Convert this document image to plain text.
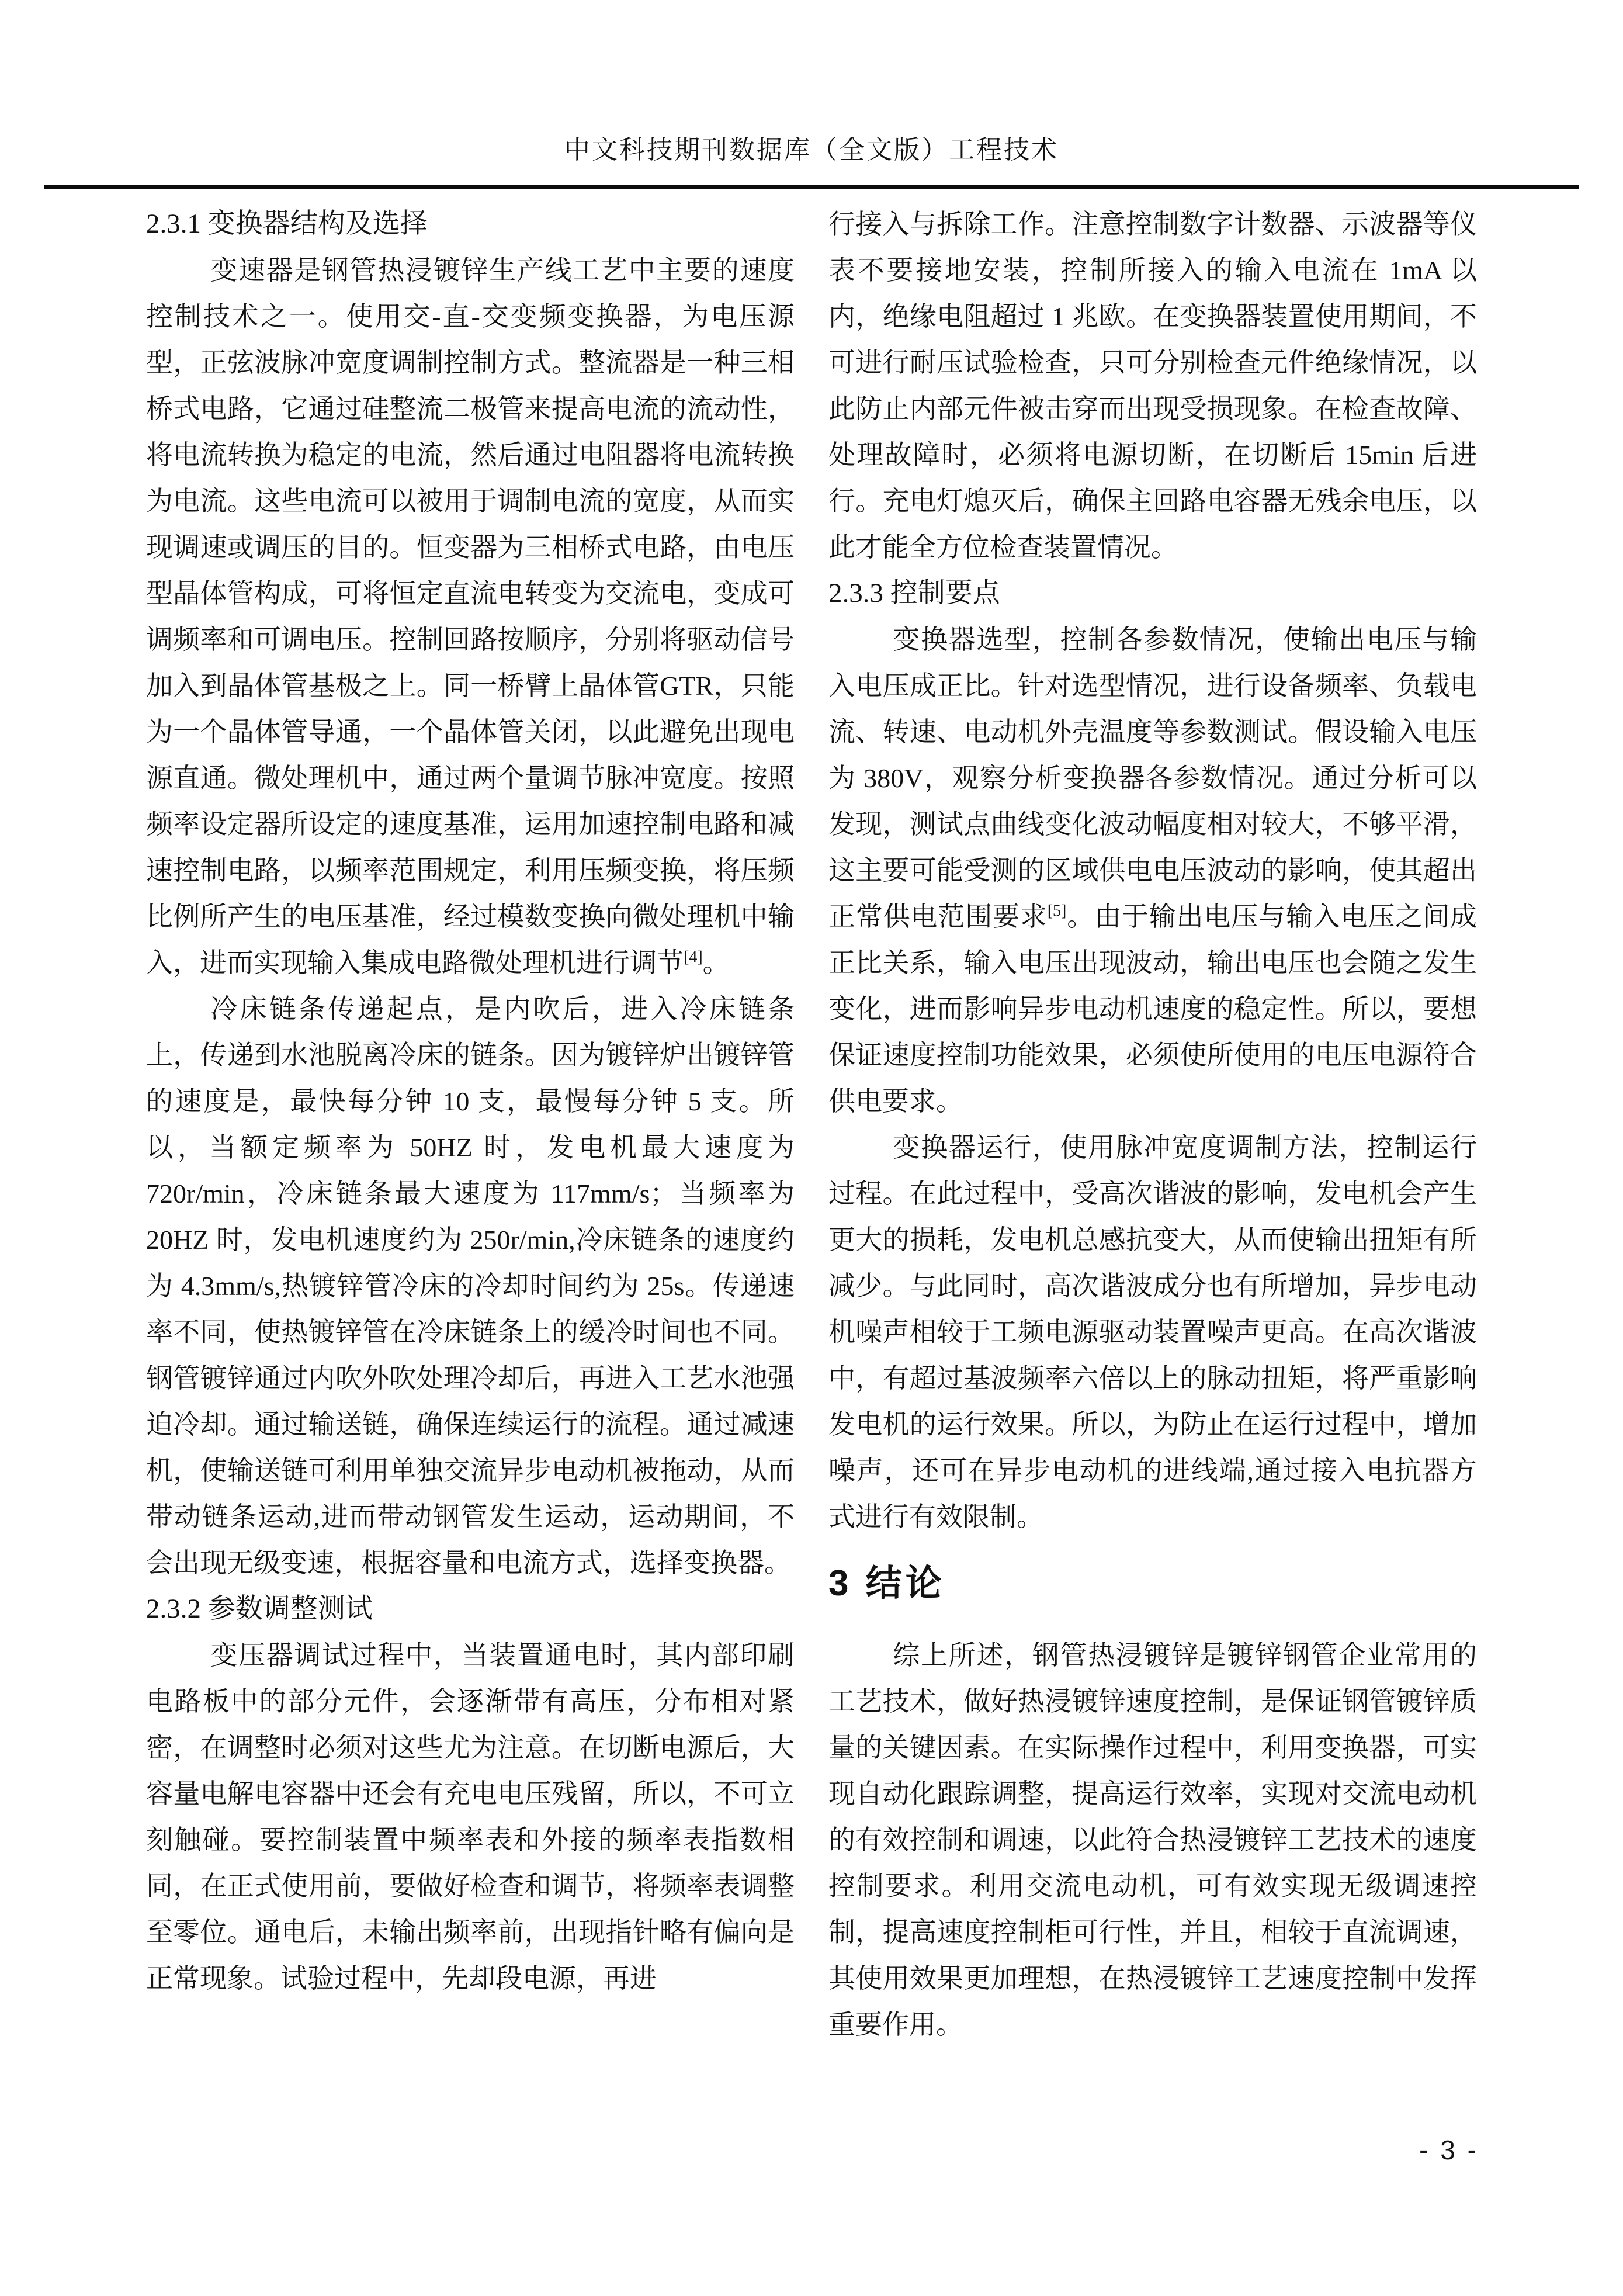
中文科技期刊数据库（全文版）工程技术

2.3.1 变换器结构及选择

变速器是钢管热浸镀锌生产线工艺中主要的速度控制技术之一。使用交-直-交变频变换器，为电压源型，正弦波脉冲宽度调制控制方式。整流器是一种三相桥式电路，它通过硅整流二极管来提高电流的流动性，将电流转换为稳定的电流，然后通过电阻器将电流转换为电流。这些电流可以被用于调制电流的宽度，从而实现调速或调压的目的。恒变器为三相桥式电路，由电压型晶体管构成，可将恒定直流电转变为交流电，变成可调频率和可调电压。控制回路按顺序，分别将驱动信号加入到晶体管基极之上。同一桥臂上晶体管GTR，只能为一个晶体管导通，一个晶体管关闭，以此避免出现电源直通。微处理机中，通过两个量调节脉冲宽度。按照频率设定器所设定的速度基准，运用加速控制电路和减速控制电路，以频率范围规定，利用压频变换，将压频比例所产生的电压基准，经过模数变换向微处理机中输入，进而实现输入集成电路微处理机进行调节[4]。

冷床链条传递起点，是内吹后，进入冷床链条上，传递到水池脱离冷床的链条。因为镀锌炉出镀锌管的速度是，最快每分钟 10 支，最慢每分钟 5 支。所以，当额定频率为 50HZ 时，发电机最大速度为 720r/min，冷床链条最大速度为 117mm/s；当频率为 20HZ 时，发电机速度约为 250r/min,冷床链条的速度约为 4.3mm/s,热镀锌管冷床的冷却时间约为 25s。传递速率不同，使热镀锌管在冷床链条上的缓冷时间也不同。钢管镀锌通过内吹外吹处理冷却后，再进入工艺水池强迫冷却。通过输送链，确保连续运行的流程。通过减速机，使输送链可利用单独交流异步电动机被拖动，从而带动链条运动,进而带动钢管发生运动，运动期间，不会出现无级变速，根据容量和电流方式，选择变换器。

2.3.2 参数调整测试

变压器调试过程中，当装置通电时，其内部印刷电路板中的部分元件，会逐渐带有高压，分布相对紧密，在调整时必须对这些尤为注意。在切断电源后，大容量电解电容器中还会有充电电压残留，所以，不可立刻触碰。要控制装置中频率表和外接的频率表指数相同，在正式使用前，要做好检查和调节，将频率表调整至零位。通电后，未输出频率前，出现指针略有偏向是正常现象。试验过程中，先却段电源，再进

行接入与拆除工作。注意控制数字计数器、示波器等仪表不要接地安装，控制所接入的输入电流在 1mA 以内，绝缘电阻超过 1 兆欧。在变换器装置使用期间，不可进行耐压试验检查，只可分别检查元件绝缘情况，以此防止内部元件被击穿而出现受损现象。在检查故障、处理故障时，必须将电源切断，在切断后 15min 后进行。充电灯熄灭后，确保主回路电容器无残余电压，以此才能全方位检查装置情况。

2.3.3 控制要点

变换器选型，控制各参数情况，使输出电压与输入电压成正比。针对选型情况，进行设备频率、负载电流、转速、电动机外壳温度等参数测试。假设输入电压为 380V，观察分析变换器各参数情况。通过分析可以发现，测试点曲线变化波动幅度相对较大，不够平滑，这主要可能受测的区域供电电压波动的影响，使其超出正常供电范围要求[5]。由于输出电压与输入电压之间成正比关系，输入电压出现波动，输出电压也会随之发生变化，进而影响异步电动机速度的稳定性。所以，要想保证速度控制功能效果，必须使所使用的电压电源符合供电要求。

变换器运行，使用脉冲宽度调制方法，控制运行过程。在此过程中，受高次谐波的影响，发电机会产生更大的损耗，发电机总感抗变大，从而使输出扭矩有所减少。与此同时，高次谐波成分也有所增加，异步电动机噪声相较于工频电源驱动装置噪声更高。在高次谐波中，有超过基波频率六倍以上的脉动扭矩，将严重影响发电机的运行效果。所以，为防止在运行过程中，增加噪声，还可在异步电动机的进线端,通过接入电抗器方式进行有效限制。

3 结论

综上所述，钢管热浸镀锌是镀锌钢管企业常用的工艺技术，做好热浸镀锌速度控制，是保证钢管镀锌质量的关键因素。在实际操作过程中，利用变换器，可实现自动化跟踪调整，提高运行效率，实现对交流电动机的有效控制和调速，以此符合热浸镀锌工艺技术的速度控制要求。利用交流电动机，可有效实现无级调速控制，提高速度控制柜可行性，并且，相较于直流调速，其使用效果更加理想，在热浸镀锌工艺速度控制中发挥重要作用。

- 3 -
